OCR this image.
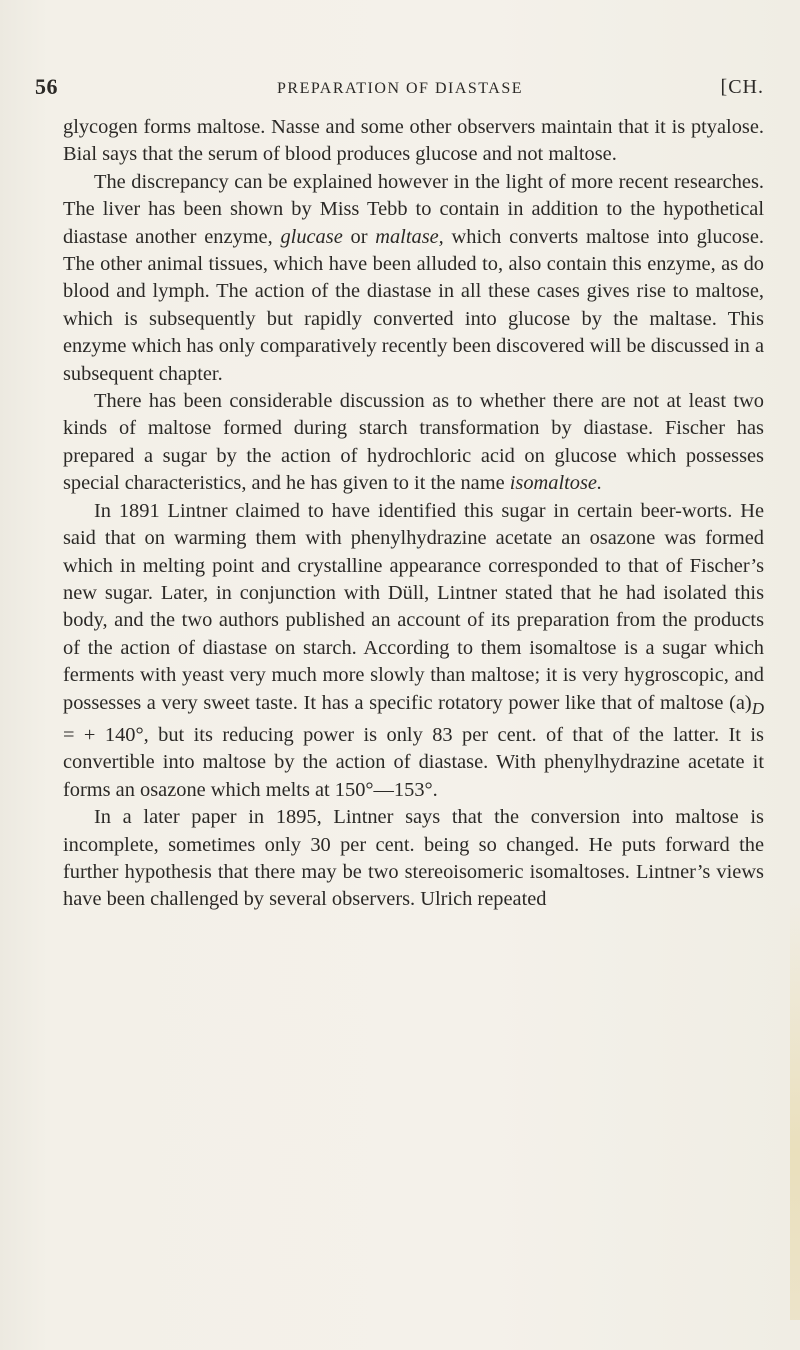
56	PREPARATION OF DIASTASE	[CH.

glycogen forms maltose. Nasse and some other observers maintain that it is ptyalose. Bial says that the serum of blood produces glucose and not maltose.

The discrepancy can be explained however in the light of more recent researches. The liver has been shown by Miss Tebb to contain in addition to the hypothetical diastase another enzyme, glucase or maltase, which converts maltose into glucose. The other animal tissues, which have been alluded to, also contain this enzyme, as do blood and lymph. The action of the diastase in all these cases gives rise to maltose, which is subsequently but rapidly converted into glucose by the maltase. This enzyme which has only comparatively recently been discovered will be discussed in a subsequent chapter.

There has been considerable discussion as to whether there are not at least two kinds of maltose formed during starch transformation by diastase. Fischer has prepared a sugar by the action of hydrochloric acid on glucose which possesses special characteristics, and he has given to it the name isomaltose.

In 1891 Lintner claimed to have identified this sugar in certain beer-worts. He said that on warming them with phenylhydrazine acetate an osazone was formed which in melting point and crystalline appearance corresponded to that of Fischer’s new sugar. Later, in conjunction with Düll, Lintner stated that he had isolated this body, and the two authors published an account of its preparation from the products of the action of diastase on starch. According to them isomaltose is a sugar which ferments with yeast very much more slowly than maltose; it is very hygroscopic, and possesses a very sweet taste. It has a specific rotatory power like that of maltose $(a)_D$ = + 140°, but its reducing power is only 83 per cent. of that of the latter. It is convertible into maltose by the action of diastase. With phenylhydrazine acetate it forms an osazone which melts at 150°—153°.

In a later paper in 1895, Lintner says that the conversion into maltose is incomplete, sometimes only 30 per cent. being so changed. He puts forward the further hypothesis that there may be two stereoisomeric isomaltoses. Lintner’s views have been challenged by several observers. Ulrich repeated
